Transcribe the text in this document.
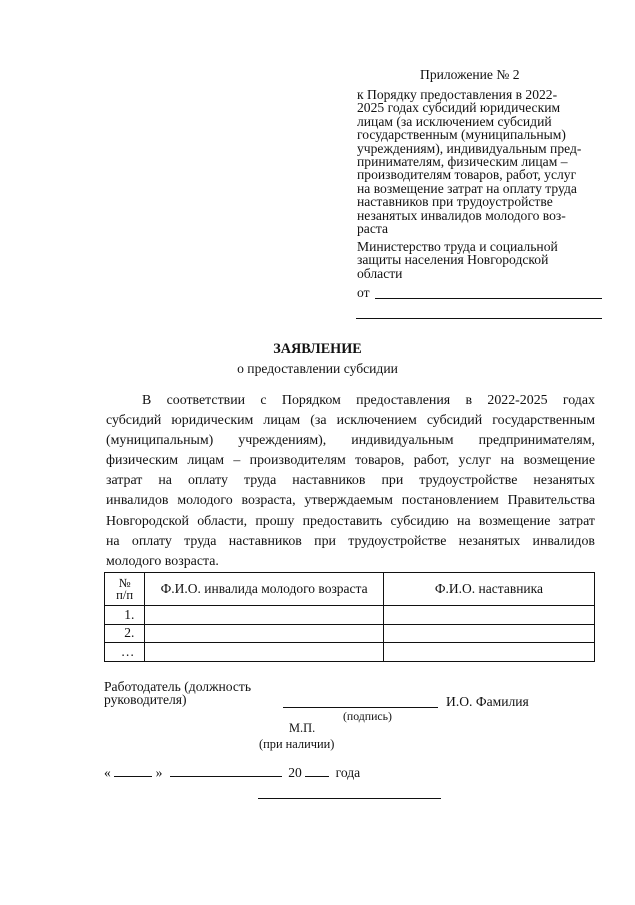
Приложение № 2
к Порядку предоставления в 2022-
2025 годах субсидий юридическим
лицам (за исключением субсидий
государственным (муниципальным)
учреждениям), индивидуальным пред-
принимателям, физическим лицам –
производителям товаров, работ, услуг
на возмещение затрат на оплату труда
наставников при трудоустройстве
незанятых инвалидов молодого воз-
раста
Министерство труда и социальной
защиты населения Новгородской
области
от
ЗАЯВЛЕНИЕ
о предоставлении субсидии
В соответствии с Порядком предоставления в 2022-2025 годах
субсидий юридическим лицам (за исключением субсидий государственным
(муниципальным) учреждениям), индивидуальным предпринимателям,
физическим лицам – производителям товаров, работ, услуг на возмещение
затрат на оплату труда наставников при трудоустройстве незанятых
инвалидов молодого возраста, утверждаемым постановлением Правительства
Новгородской области, прошу предоставить субсидию на возмещение затрат
на оплату труда наставников при трудоустройстве незанятых инвалидов
молодого возраста.
№
п/п	Ф.И.О. инвалида молодого возраста	Ф.И.О. наставника
1.		
2.		
…		
Работодатель (должность
руководителя)	И.О. Фамилия
(подпись)
М.П.
(при наличии)
«	»	20 года
